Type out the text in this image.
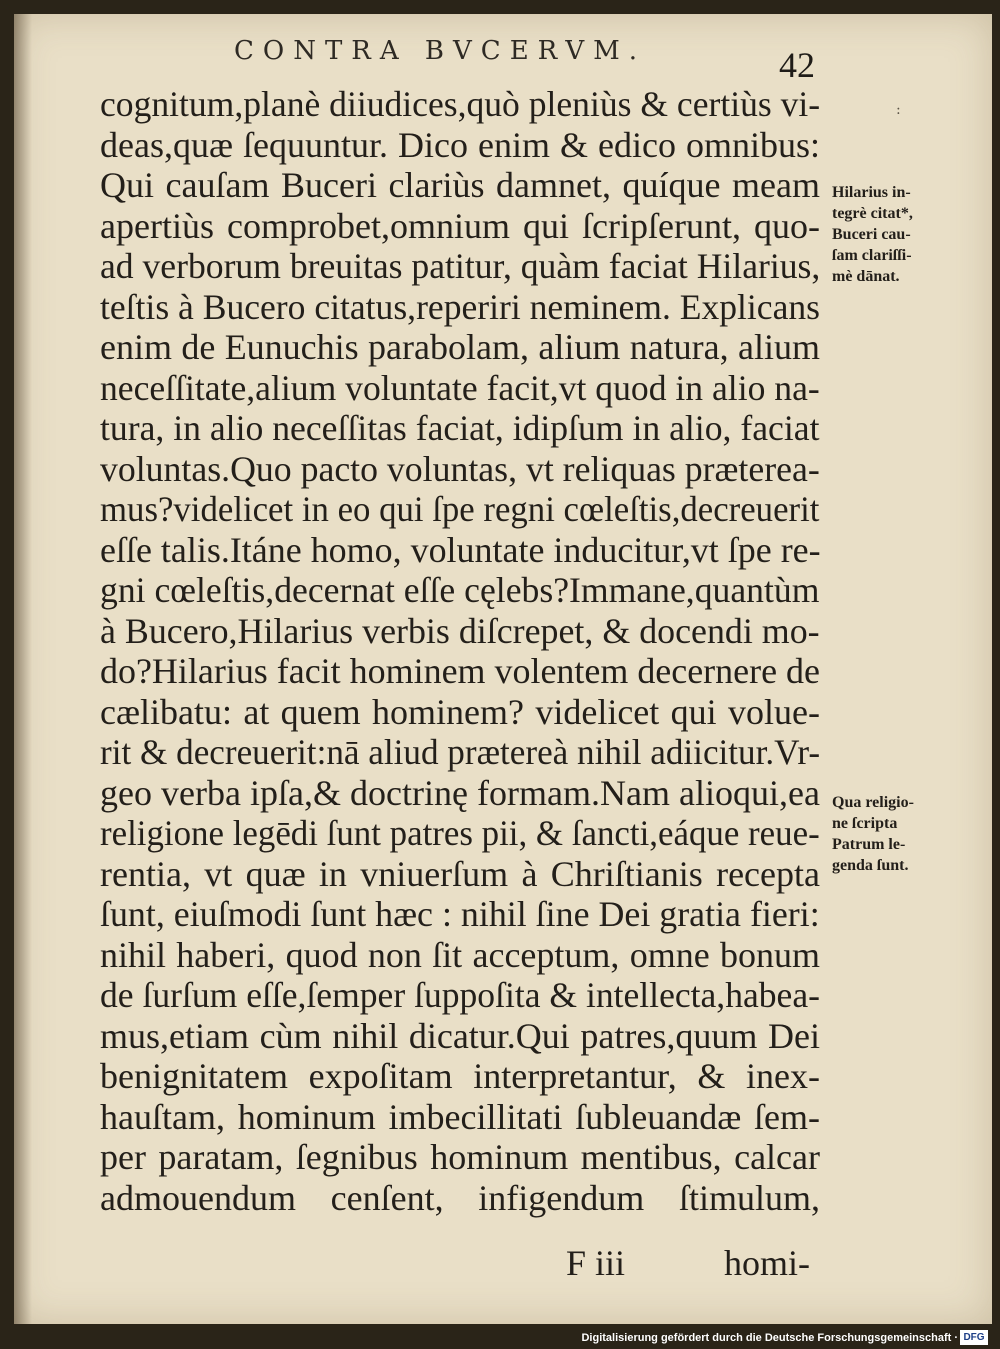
CONTRA BVCERVM.	42
:
cognitum,planè diiudices,quò pleniùs & certiùs vi-
deas,quæ ſequuntur. Dico enim & edico omnibus:
Qui cauſam Buceri clariùs damnet, quíque meam
apertiùs comprobet,omnium qui ſcripſerunt, quo-
ad verborum breuitas patitur, quàm faciat Hilarius,
teſtis à Bucero citatus,reperiri neminem. Explicans
enim de Eunuchis parabolam, alium natura, alium
neceſſitate,alium voluntate facit,vt quod in alio na-
tura, in alio neceſſitas faciat, idipſum in alio, faciat
voluntas.Quo pacto voluntas, vt reliquas præterea-
mus?videlicet in eo qui ſpe regni cœleſtis,decreuerit
eſſe talis.Itáne homo, voluntate inducitur,vt ſpe re-
gni cœleſtis,decernat eſſe cęlebs?Immane,quantùm
à Bucero,Hilarius verbis diſcrepet, & docendi mo-
do?Hilarius facit hominem volentem decernere de
cælibatu: at quem hominem? videlicet qui volue-
rit & decreuerit:nā aliud prætereà nihil adiicitur.Vr-
geo verba ipſa,& doctrinę formam.Nam alioqui,ea
religione legēdi ſunt patres pii, & ſancti,eáque reue-
rentia, vt quæ in vniuerſum à Chriſtianis recepta
ſunt, eiuſmodi ſunt hæc : nihil ſine Dei gratia fieri:
nihil haberi, quod non ſit acceptum, omne bonum
de ſurſum eſſe,ſemper ſuppoſita & intellecta,habea-
mus,etiam cùm nihil dicatur.Qui patres,quum Dei
benignitatem expoſitam interpretantur, & inex-
hauſtam, hominum imbecillitati ſubleuandæ ſem-
per paratam, ſegnibus hominum mentibus, calcar
admouendum cenſent, infigendum ſtimulum,
Hilarius in-
tegrè citat*,
Buceri cau-
ſam clariſſi-
mè dānat.
Qua religio-
ne ſcripta
Patrum le-
genda ſunt.
F iii	homi-
Digitalisierung gefördert durch die Deutsche Forschungsgemeinschaft · DFG
